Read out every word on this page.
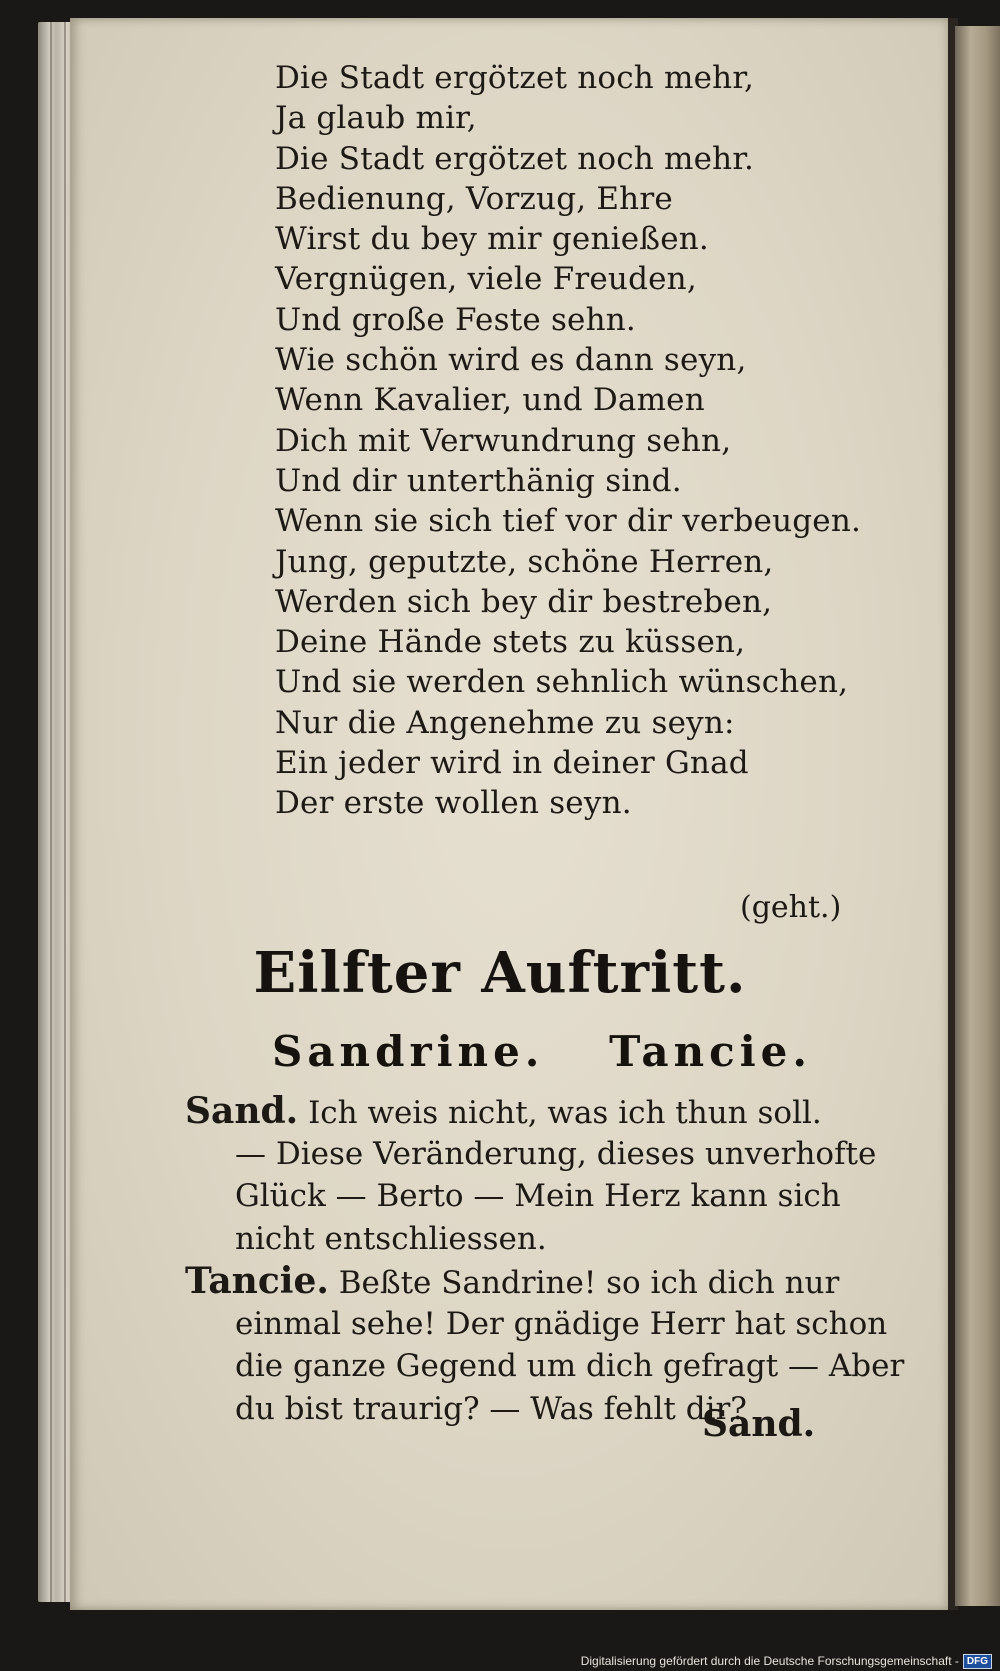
Die Stadt ergötzet noch mehr,
Ja glaub mir,
Die Stadt ergötzet noch mehr.
Bedienung, Vorzug, Ehre
Wirst du bey mir genießen.
Vergnügen, viele Freuden,
Und große Feste sehn.
Wie schön wird es dann seyn,
Wenn Kavalier, und Damen
Dich mit Verwundrung sehn,
Und dir unterthänig sind.
Wenn sie sich tief vor dir verbeugen.
Jung, geputzte, schöne Herren,
Werden sich bey dir bestreben,
Deine Hände stets zu küssen,
Und sie werden sehnlich wünschen,
Nur die Angenehme zu seyn:
Ein jeder wird in deiner Gnad
Der erste wollen seyn.
(geht.)
Eilfter Auftritt.
Sandrine. Tancie.
Sand. Ich weis nicht, was ich thun soll.
— Diese Veränderung, dieses unverhofte
Glück — Berto — Mein Herz kann sich
nicht entschliessen.
Tancie. Beßte Sandrine! so ich dich nur
einmal sehe! Der gnädige Herr hat schon
die ganze Gegend um dich gefragt — Aber
du bist traurig? — Was fehlt dir?
Sand.
Digitalisierung gefördert durch die Deutsche Forschungsgemeinschaft - DFG
